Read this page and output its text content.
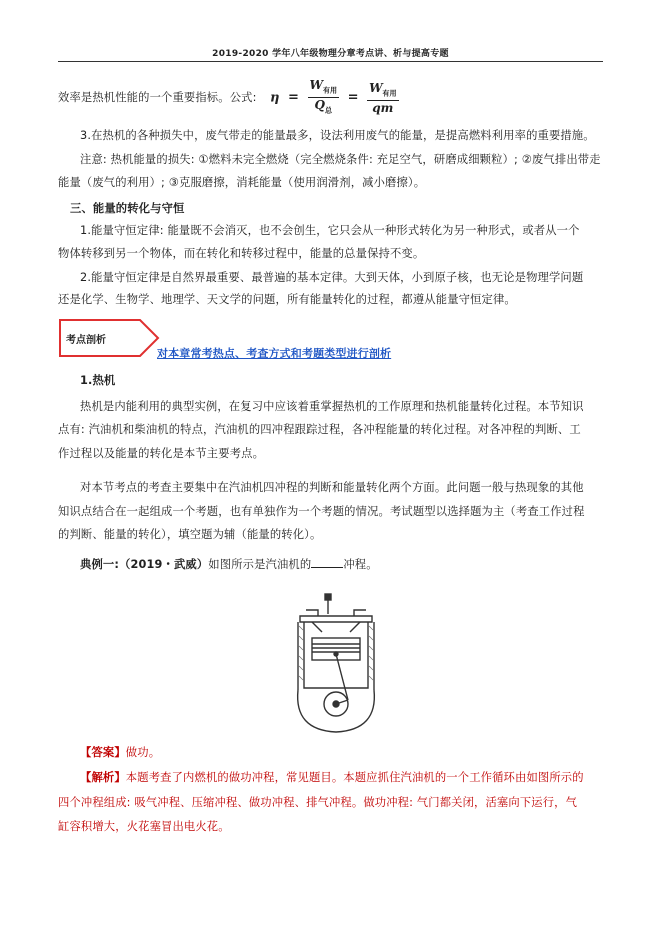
2019-2020 学年八年级物理分章考点讲、析与提高专题
效率是热机性能的一个重要指标。公式:	$\eta = \frac{W_{有用}}{Q_总} = \frac{W_{有用}}{qm}$
3.在热机的各种损失中，废气带走的能量最多，设法利用废气的能量，是提高燃料利用率的重要措施。
注意: 热机能量的损失: ①燃料未完全燃烧（完全燃烧条件: 充足空气，研磨成细颗粒）; ②废气排出带走
能量（废气的利用）; ③克服磨擦，消耗能量（使用润滑剂，减小磨擦）。
三、能量的转化与守恒
1.能量守恒定律: 能量既不会消灭，也不会创生，它只会从一种形式转化为另一种形式，或者从一个
物体转移到另一个物体，而在转化和转移过程中，能量的总量保持不变。
2.能量守恒定律是自然界最重要、最普遍的基本定律。大到天体，小到原子核，也无论是物理学问题
还是化学、生物学、地理学、天文学的问题，所有能量转化的过程，都遵从能量守恒定律。
考点剖析
对本章常考热点、考查方式和考题类型进行剖析
1.热机
热机是内能利用的典型实例，在复习中应该着重掌握热机的工作原理和热机能量转化过程。本节知识
点有: 汽油机和柴油机的特点，汽油机的四冲程跟踪过程，各冲程能量的转化过程。对各冲程的判断、工
作过程以及能量的转化是本节主要考点。
对本节考点的考查主要集中在汽油机四冲程的判断和能量转化两个方面。此问题一般与热现象的其他
知识点结合在一起组成一个考题，也有单独作为一个考题的情况。考试题型以选择题为主（考查工作过程
的判断、能量的转化），填空题为辅（能量的转化）。
典例一:（2019・武威）如图所示是汽油机的	冲程。
【答案】做功。
【解析】本题考查了内燃机的做功冲程，常见题目。本题应抓住汽油机的一个工作循环由如图所示的
四个冲程组成: 吸气冲程、压缩冲程、做功冲程、排气冲程。做功冲程: 气门都关闭，活塞向下运行，气
缸容积增大，火花塞冒出电火花。
